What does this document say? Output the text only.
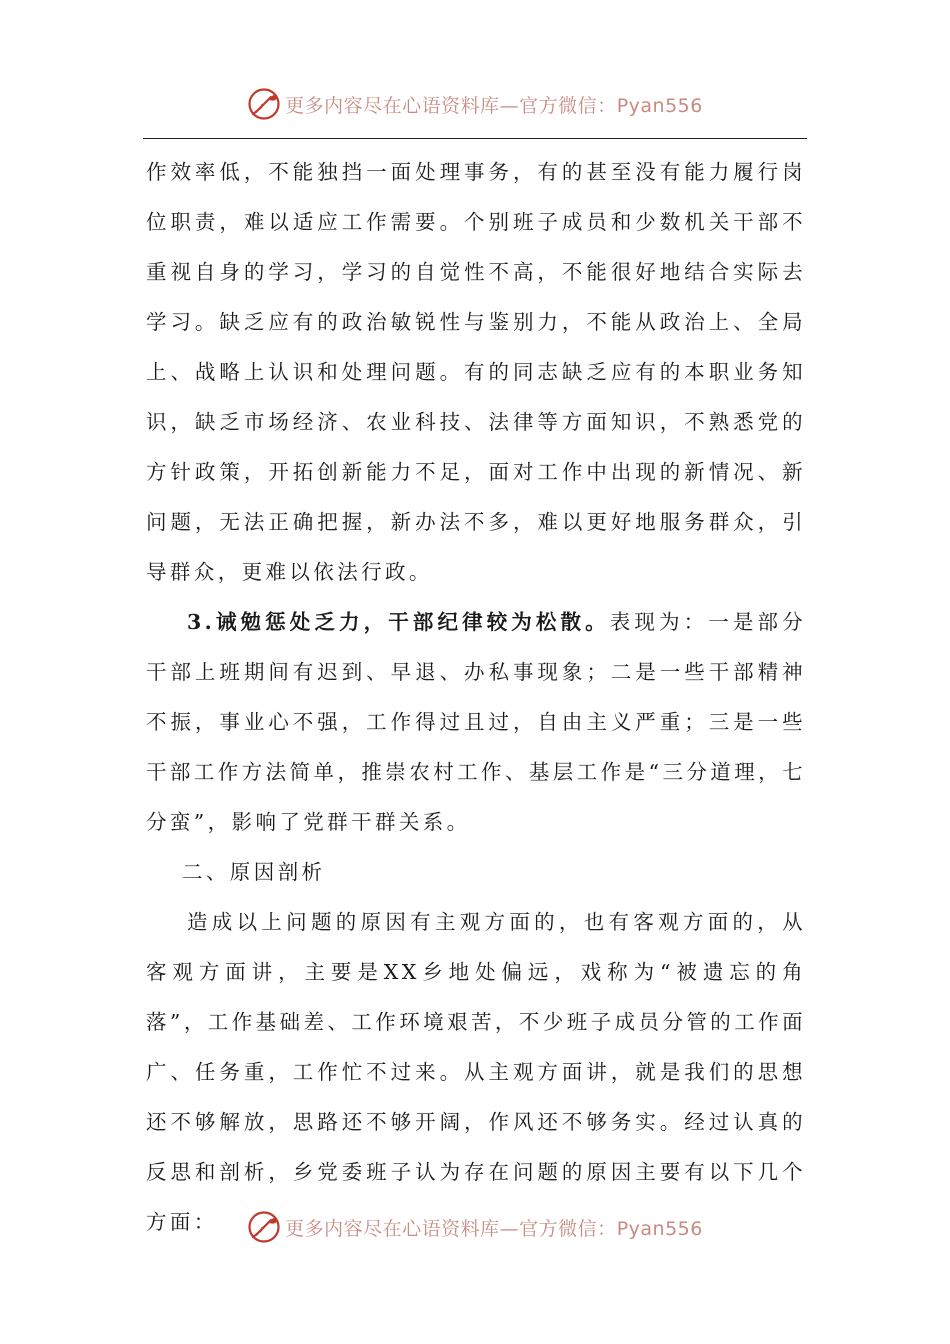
更多内容尽在心语资料库—官方微信：Pyan556

作效率低，不能独挡一面处理事务，有的甚至没有能力履行岗位职责，难以适应工作需要。个别班子成员和少数机关干部不重视自身的学习，学习的自觉性不高，不能很好地结合实际去学习。缺乏应有的政治敏锐性与鉴别力，不能从政治上、全局上、战略上认识和处理问题。有的同志缺乏应有的本职业务知识，缺乏市场经济、农业科技、法律等方面知识，不熟悉党的方针政策，开拓创新能力不足，面对工作中出现的新情况、新问题，无法正确把握，新办法不多，难以更好地服务群众，引导群众，更难以依法行政。

3.诫勉惩处乏力，干部纪律较为松散。表现为：一是部分干部上班期间有迟到、早退、办私事现象；二是一些干部精神不振，事业心不强，工作得过且过，自由主义严重；三是一些干部工作方法简单，推崇农村工作、基层工作是“三分道理，七分蛮”，影响了党群干群关系。

二、原因剖析

造成以上问题的原因有主观方面的，也有客观方面的，从客观方面讲，主要是XX乡地处偏远，戏称为“被遗忘的角落”，工作基础差、工作环境艰苦，不少班子成员分管的工作面广、任务重，工作忙不过来。从主观方面讲，就是我们的思想还不够解放，思路还不够开阔，作风还不够务实。经过认真的反思和剖析，乡党委班子认为存在问题的原因主要有以下几个方面：	更多内容尽在心语资料库—官方微信：Pyan556
